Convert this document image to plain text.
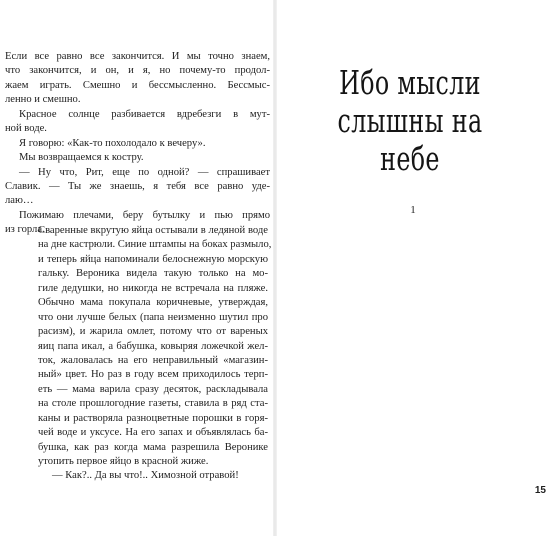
Если все равно все закончится. И мы точно знаем,
что закончится, и он, и я, но почему-то продол-
жаем играть. Смешно и бессмысленно. Бессмыс-
ленно и смешно.
Красное солнце разбивается вдребезги в мут-
ной воде.
Я говорю: «Как-то похолодало к вечеру».
Мы возвращаемся к костру.
— Ну что, Рит, еще по одной? — спрашивает
Славик. — Ты же знаешь, я тебя все равно уде-
лаю…
Пожимаю плечами, беру бутылку и пью прямо
из горла.
Ибо мысли
слышны на небе
1
Сваренные вкрутую яйца остывали в ледяной воде
на дне кастрюли. Синие штампы на боках размыло,
и теперь яйца напоминали белоснежную морскую
гальку. Вероника видела такую только на мо-
гиле дедушки, но никогда не встречала на пляже.
Обычно мама покупала коричневые, утверждая,
что они лучше белых (папа неизменно шутил про
расизм), и жарила омлет, потому что от вареных
яиц папа икал, а бабушка, ковыряя ложечкой жел-
ток, жаловалась на его неправильный «магазин-
ный» цвет. Но раз в году всем приходилось терп-
еть — мама варила сразу десяток, раскладывала
на столе прошлогодние газеты, ставила в ряд ста-
каны и растворяла разноцветные порошки в горя-
чей воде и уксусе. На его запах и объявлялась ба-
бушка, как раз когда мама разрешила Веронике
утопить первое яйцо в красной жиже.
— Как?.. Да вы что!.. Химозной отравой!
15
